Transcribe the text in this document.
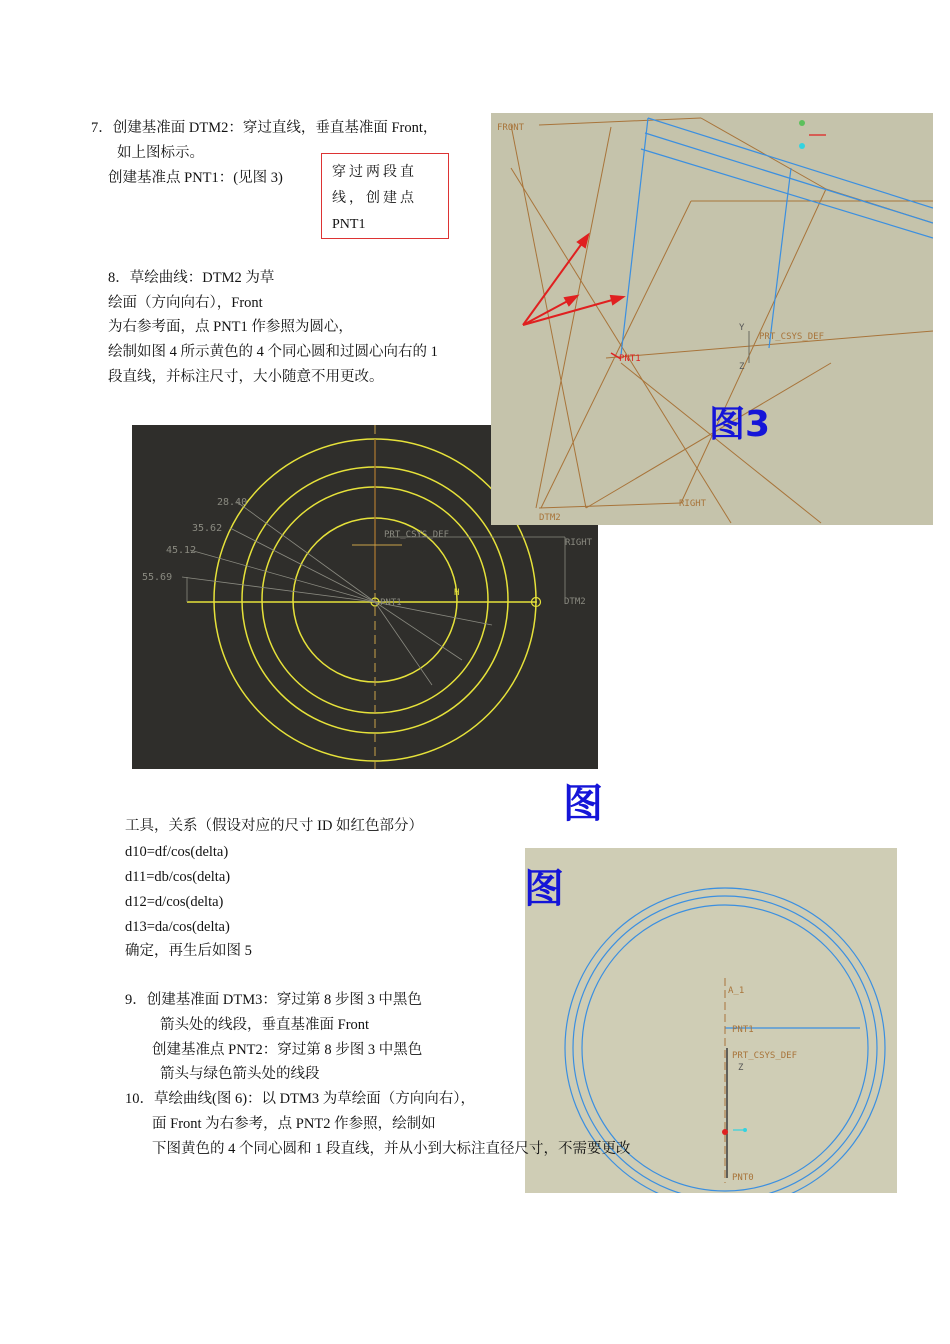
7．创建基准面 DTM2：穿过直线，垂直基准面 Front，
如上图标示。
创建基准点 PNT1：(见图 3)	穿过两段直
线，创建点
PNT1
8．草绘曲线：DTM2 为草
绘面（方向向右），Front
为右参考面，点 PNT1 作参照为圆心，
绘制如图 4 所示黄色的 4 个同心圆和过圆心向右的 1
段直线，并标注尺寸，大小随意不用更改。
28.40
35.62
45.12
55.69
PRT_CSYS_DEF
RIGHT
DTM2
PNT1
H
FRONT
PRT_CSYS_DEF
DTM2
RIGHT
Y
Z
PNT1
图3
图
工具，关系（假设对应的尺寸 ID 如红色部分）
d10=df/cos(delta)
d11=db/cos(delta)
d12=d/cos(delta)
d13=da/cos(delta)
确定，再生后如图 5
A_1
PNT1
PRT_CSYS_DEF
Z
PNT0
图
9．创建基准面 DTM3：穿过第 8 步图 3 中黑色
箭头处的线段，垂直基准面 Front
创建基准点 PNT2：穿过第 8 步图 3 中黑色
箭头与绿色箭头处的线段
10．草绘曲线(图 6)：以 DTM3 为草绘面（方向向右），
面 Front 为右参考，点 PNT2 作参照，绘制如
下图黄色的 4 个同心圆和 1 段直线，并从小到大标注直径尺寸，不需要更改
